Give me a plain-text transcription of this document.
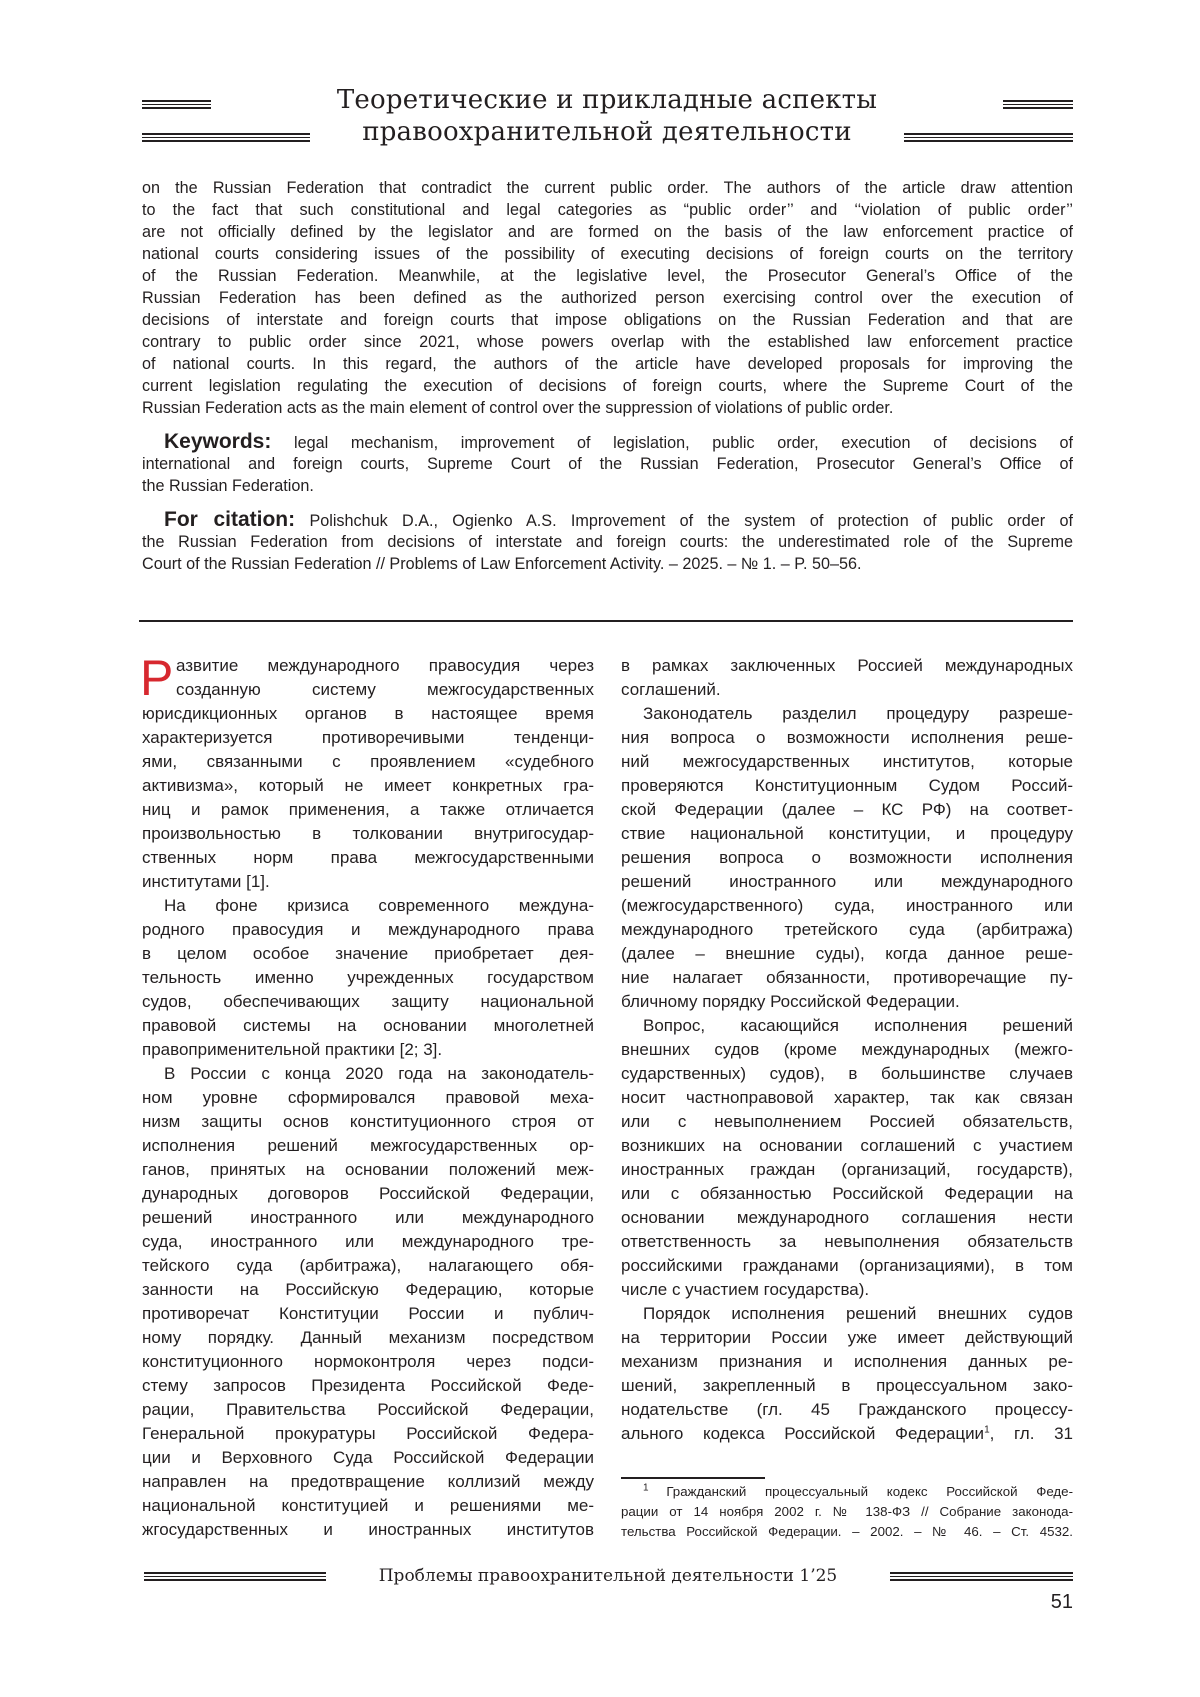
Теоретические и прикладные аспекты
правоохранительной деятельности
on the Russian Federation that contradict the current public order. The authors of the article draw attention
to the fact that such constitutional and legal categories as “public order’’ and ‘‘violation of public order’’
are not officially defined by the legislator and are formed on the basis of the law enforcement practice of
national courts considering issues of the possibility of executing decisions of foreign courts on the territory
of the Russian Federation. Meanwhile, at the legislative level, the Prosecutor General’s Office of the
Russian Federation has been defined as the authorized person exercising control over the execution of
decisions of interstate and foreign courts that impose obligations on the Russian Federation and that are
contrary to public order since 2021, whose powers overlap with the established law enforcement practice
of national courts. In this regard, the authors of the article have developed proposals for improving the
current legislation regulating the execution of decisions of foreign courts, where the Supreme Court of the
Russian Federation acts as the main element of control over the suppression of violations of public order.
Keywords: legal mechanism, improvement of legislation, public order, execution of decisions of
international and foreign courts, Supreme Court of the Russian Federation, Prosecutor General’s Office of
the Russian Federation.
For citation: Polishchuk D.A., Ogienko A.S. Improvement of the system of protection of public order of
the Russian Federation from decisions of interstate and foreign courts: the underestimated role of the Supreme
Court of the Russian Federation // Problems of Law Enforcement Activity. – 2025. – № 1. – P. 50–56.
Р азвитие международного правосудия через
созданную систему межгосударственных
юрисдикционных органов в настоящее время
характеризуется противоречивыми тенденци-
ями, связанными с проявлением «судебного
активизма», который не имеет конкретных гра-
ниц и рамок применения, а также отличается
произвольностью в толковании внутригосудар-
ственных норм права межгосударственными
институтами [1].
На фоне кризиса современного междуна-
родного правосудия и международного права
в целом особое значение приобретает дея-
тельность именно учрежденных государством
судов, обеспечивающих защиту национальной
правовой системы на основании многолетней
правоприменительной практики [2; 3].
В России с конца 2020 года на законодатель-
ном уровне сформировался правовой меха-
низм защиты основ конституционного строя от
исполнения решений межгосударственных ор-
ганов, принятых на основании положений меж-
дународных договоров Российской Федерации,
решений иностранного или международного
суда, иностранного или международного тре-
тейского суда (арбитража), налагающего обя-
занности на Российскую Федерацию, которые
противоречат Конституции России и публич-
ному порядку. Данный механизм посредством
конституционного нормоконтроля через подси-
стему запросов Президента Российской Феде-
рации, Правительства Российской Федерации,
Генеральной прокуратуры Российской Федера-
ции и Верховного Суда Российской Федерации
направлен на предотвращение коллизий между
национальной конституцией и решениями ме-
жгосударственных и иностранных институтов
в рамках заключенных Россией международных
соглашений.
Законодатель разделил процедуру разреше-
ния вопроса о возможности исполнения реше-
ний межгосударственных институтов, которые
проверяются Конституционным Судом Россий-
ской Федерации (далее – КС РФ) на соответ-
ствие национальной конституции, и процедуру
решения вопроса о возможности исполнения
решений иностранного или международного
(межгосударственного) суда, иностранного или
международного третейского суда (арбитража)
(далее – внешние суды), когда данное реше-
ние налагает обязанности, противоречащие пу-
бличному порядку Российской Федерации.
Вопрос, касающийся исполнения решений
внешних судов (кроме международных (межго-
сударственных) судов), в большинстве случаев
носит частноправовой характер, так как связан
или с невыполнением Россией обязательств,
возникших на основании соглашений с участием
иностранных граждан (организаций, государств),
или с обязанностью Российской Федерации на
основании международного соглашения нести
ответственность за невыполнения обязательств
российскими гражданами (организациями), в том
числе с участием государства).
Порядок исполнения решений внешних судов
на территории России уже имеет действующий
механизм признания и исполнения данных ре-
шений, закрепленный в процессуальном зако-
нодательстве (гл. 45 Гражданского процессу-
ального кодекса Российской Федерации1, гл. 31
1 Гражданский процессуальный кодекс Российской Феде-
рации от 14 ноября 2002 г. № 138-ФЗ // Собрание законода-
тельства Российской Федерации. – 2002. – № 46. – Ст. 4532.
Проблемы правоохранительной деятельности 1’25
51
